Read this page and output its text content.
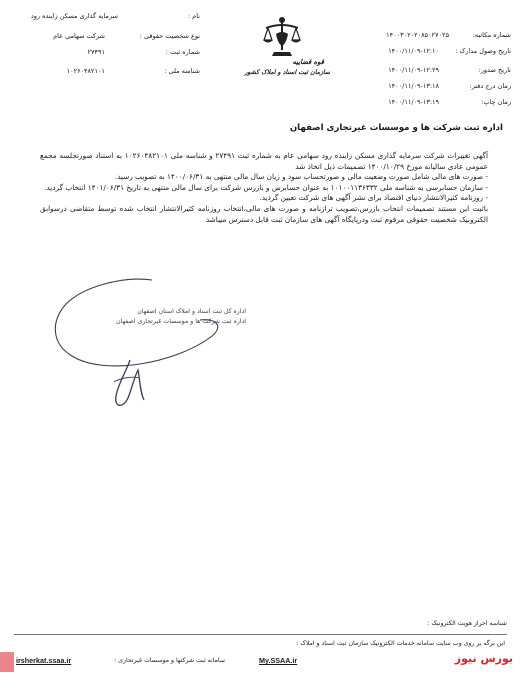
نام :
سرمایه گذاری مسکن زاینده رود
نوع شخصیت حقوقی :
شرکت سهامی عام
شماره ثبت :
۲۷۴۹۱
شناسه ملی :
۱۰۲۶۰۴۸۲۱۰۱
قوه قضاییه
سازمان ثبت اسناد و املاک کشور
شماره مکاتبه:
۱۴۰۰۳۰۲۰۲۰۸۵۰۲۷۰۲۵
تاریخ وصول مدارک :
۱۴۰۰/۱۱/۰۹-۱۲:۱۰
تاریخ صدور:
۱۴۰۰/۱۱/۰۹-۱۲:۲۹
زمان درج دفتر:
۱۴۰۰/۱۱/۰۹-۱۳:۱۸
زمان چاپ:
۱۴۰۰/۱۱/۰۹-۱۳:۱۹
اداره ثبت شرکت ها و موسسات غیرتجاری اصفهان

آگهی تغییرات شرکت سرمایه گذاری مسکن زاینده رود سهامی عام به شماره ثبت ۲۷۴۹۱ و شناسه ملی ۱۰۲۶۰۴۸۲۱۰۱ به استناد صورتجلسه مجمع عمومی عادی سالیانه مورخ ۱۴۰۰/۱۰/۲۹ تصمیمات ذیل اتخاذ شد

- صورت های مالی شامل صورت وضعیت مالی و صورتحساب سود و زیان سال مالی منتهی به ۱۴۰۰/۰۶/۳۱ به تصویب رسید.

- سازمان حسابرسی به شناسه ملی ۱۰۱۰۰۱۱۳۶۳۳۲ به عنوان حسابرس و بازرس شرکت برای سال مالی منتهی به تاریخ ۱۴۰۱/۰۶/۳۱ انتخاب گردید.

- روزنامه کثیرالانتشار دنیای اقتصاد برای نشر آگهی های شرکت تعیین گردید.

باثبت این مستند تصمیمات انتخاب بازرس،تصویب ترازنامه و صورت های مالی،انتخاب روزنامه کثیرالانتشار انتخاب شده توسط متقاضی درسوابق الکترونیک شخصیت حقوقی مرقوم ثبت ودرپایگاه آگهی های سازمان ثبت قابل دسترس میباشد

اداره کل ثبت اسناد و املاک استان اصفهان
اداره ثبت شرکت ها و موسسات غیرتجاری اصفهان
شناسه احراز هویت الکترونیک :
این برگه بر روی وب سایت سامانه خدمات الکترونیک سازمان ثبت اسناد و املاک :
سامانه ثبت شرکتها و موسسات غیرتجاری :
irsherkat.ssaa.ir	My.SSAA.ir	بورس نیوز
